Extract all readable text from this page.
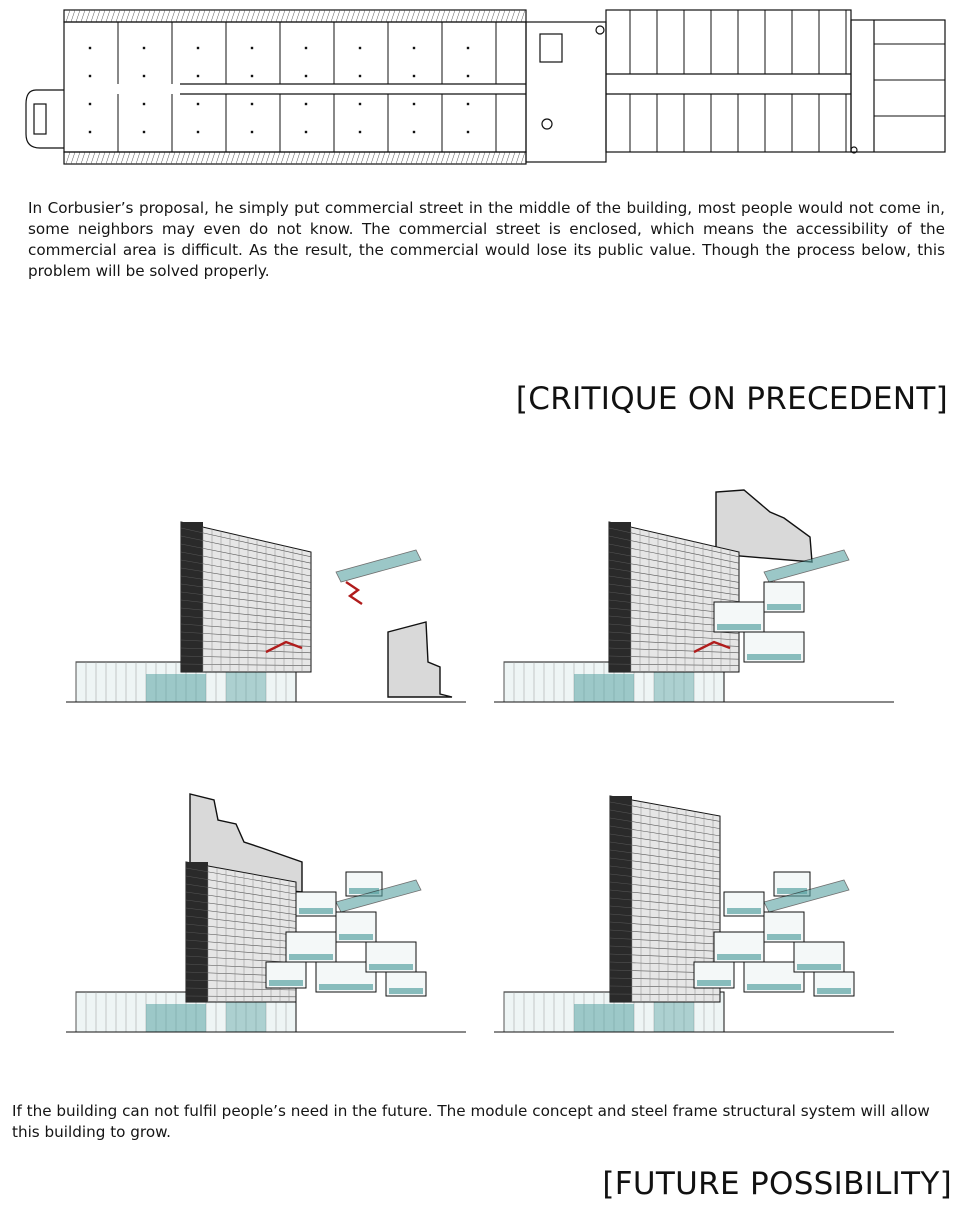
In Corbusier’s proposal, he simply put commercial street in the middle of the building, most people would not come in, some neighbors may even do not know. The commercial street is enclosed, which means the accessibility of the commercial area is difficult. As the result, the commercial would lose its public value. Though the process below, this problem will be solved properly.

[CRITIQUE ON PRECEDENT]

If the building can not fulfil people’s need in the future. The module concept and steel frame structural system will allow this building to grow.

[FUTURE POSSIBILITY]
